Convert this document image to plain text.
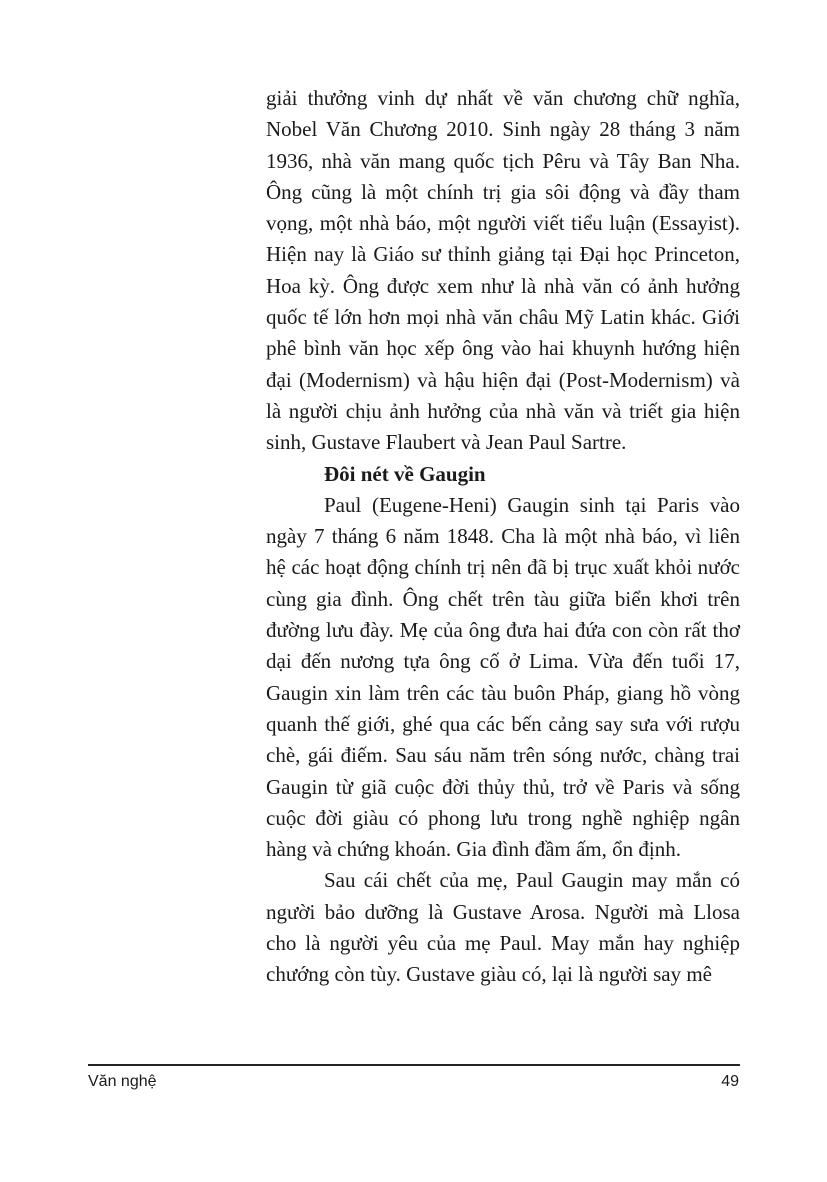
giải thưởng vinh dự nhất về văn chương chữ nghĩa, Nobel Văn Chương 2010. Sinh ngày 28 tháng 3 năm 1936, nhà văn mang quốc tịch Pêru và Tây Ban Nha. Ông cũng là một chính trị gia sôi động và đầy tham vọng, một nhà báo, một người viết tiểu luận (Essayist). Hiện nay là Giáo sư thỉnh giảng tại Đại học Princeton, Hoa kỳ. Ông được xem như là nhà văn có ảnh hưởng quốc tế lớn hơn mọi nhà văn châu Mỹ Latin khác. Giới phê bình văn học xếp ông vào hai khuynh hướng hiện đại (Modernism) và hậu hiện đại (Post-Modernism) và là người chịu ảnh hưởng của nhà văn và triết gia hiện sinh, Gustave Flaubert và Jean Paul Sartre.

Đôi nét về Gaugin

Paul (Eugene-Heni) Gaugin sinh tại Paris vào ngày 7 tháng 6 năm 1848. Cha là một nhà báo, vì liên hệ các hoạt động chính trị nên đã bị trục xuất khỏi nước cùng gia đình. Ông chết trên tàu giữa biển khơi trên đường lưu đày. Mẹ của ông đưa hai đứa con còn rất thơ dại đến nương tựa ông cố ở Lima. Vừa đến tuổi 17, Gaugin xin làm trên các tàu buôn Pháp, giang hồ vòng quanh thế giới, ghé qua các bến cảng say sưa với rượu chè, gái điếm. Sau sáu năm trên sóng nước, chàng trai Gaugin từ giã cuộc đời thủy thủ, trở về Paris và sống cuộc đời giàu có phong lưu trong nghề nghiệp ngân hàng và chứng khoán. Gia đình đầm ấm, ổn định.

Sau cái chết của mẹ, Paul Gaugin may mắn có người bảo dưỡng là Gustave Arosa. Người mà Llosa cho là người yêu của mẹ Paul. May mắn hay nghiệp chướng còn tùy. Gustave giàu có, lại là người say mê

Văn nghệ	49
